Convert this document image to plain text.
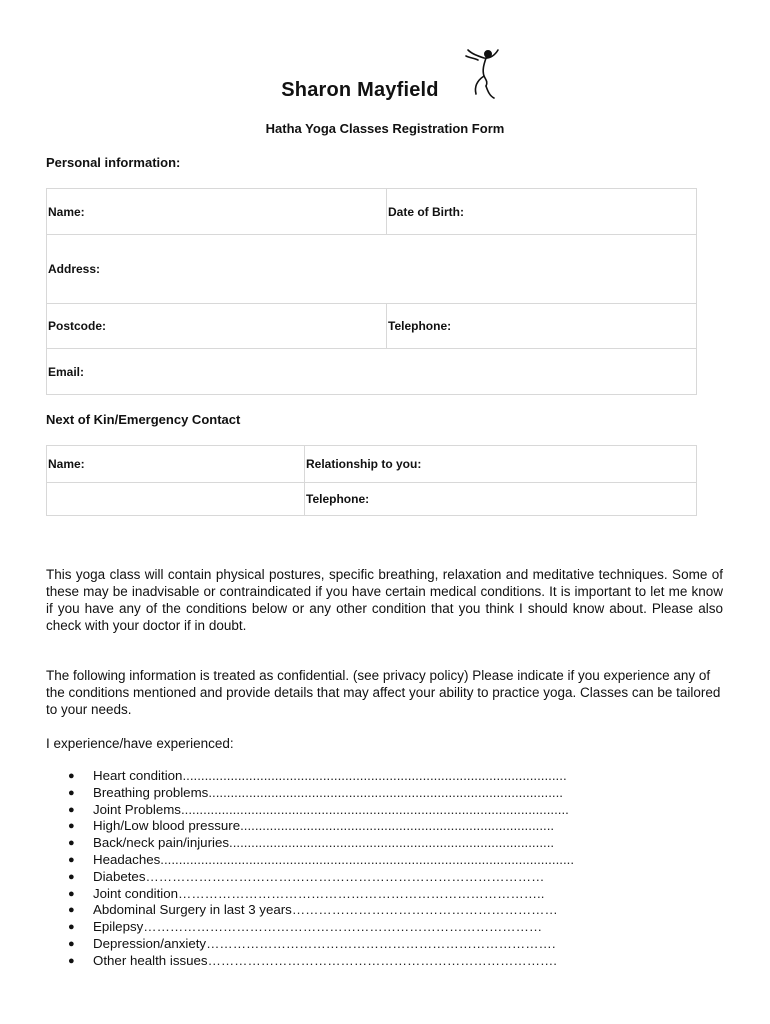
Sharon Mayfield
Hatha Yoga Classes Registration Form
Personal information:
Name:	Date of Birth:
Address:	
Postcode:	Telephone:
Email:	
Next of Kin/Emergency Contact
Name:	Relationship to you:
	Telephone:
This yoga class will contain physical postures, specific breathing, relaxation and meditative techniques. Some of these may be inadvisable or contraindicated if you have certain medical conditions. It is important to let me know if you have any of the conditions below or any other condition that you think I should know about. Please also check with your doctor if in doubt.
The following information is treated as confidential. (see privacy policy) Please indicate if you experience any of the conditions mentioned and provide details that may affect your ability to practice yoga. Classes can be tailored to your needs.
I experience/have experienced:
● Heart condition........................................................................................................
● Breathing problems................................................................................................
● Joint Problems.........................................................................................................
● High/Low blood pressure.....................................................................................
● Back/neck pain/injuries........................................................................................
● Headaches................................................................................................................
● Diabetes………………………………………………………………………………
● Joint condition………………………………………………………………………..
● Abdominal Surgery in last 3 years……………………………………………………
● Epilepsy………………………………………………………………………………
● Depression/anxiety…………………………………………………………………….
● Other health issues…………………………………………………………………….
